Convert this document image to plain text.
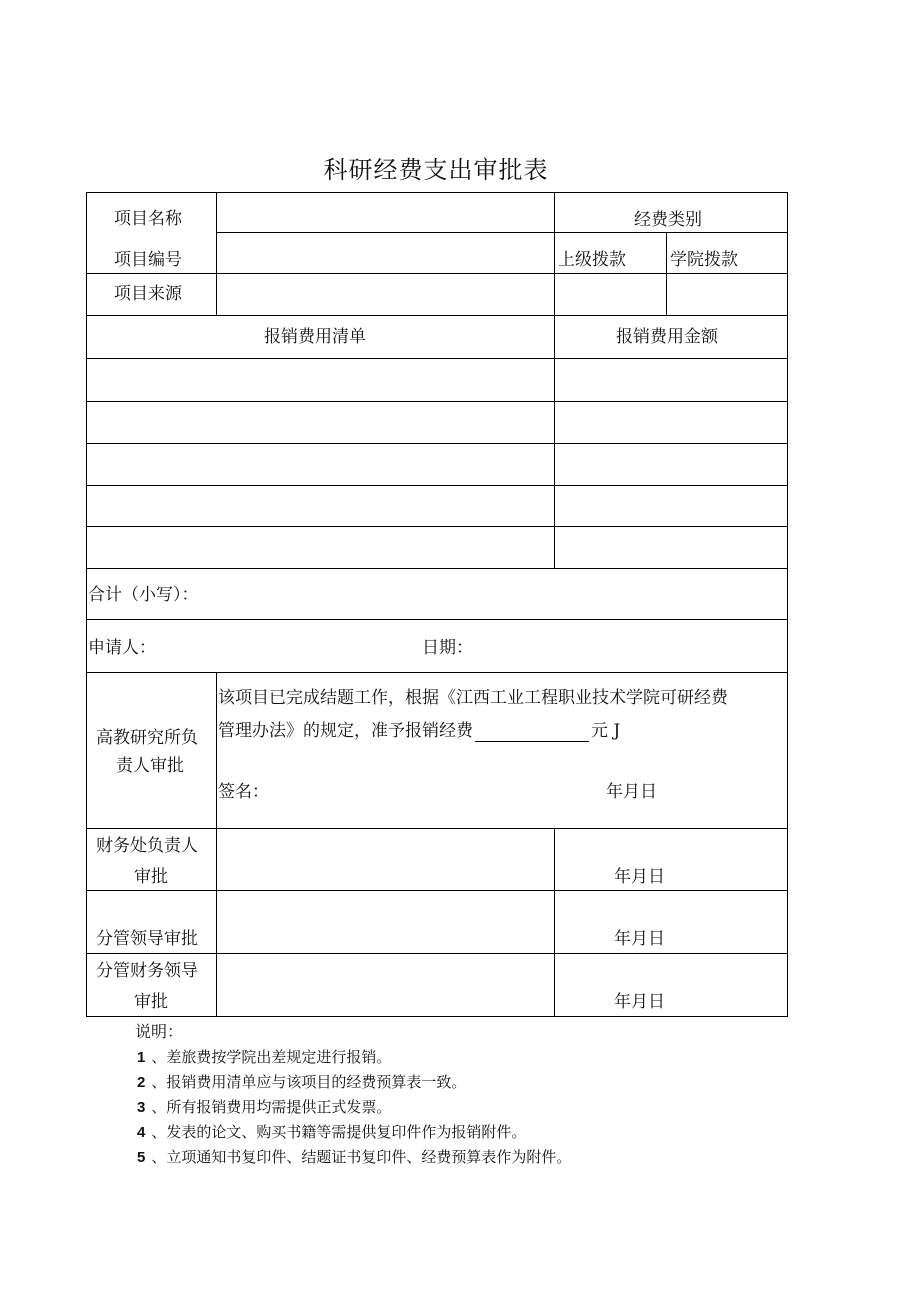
科研经费支出审批表
项目名称	经费类别
项目编号	上级拨款	学院拨款
项目来源
报销费用清单	报销费用金额
合计（小写）：
申请人：	日期：
高教研究所负
责人审批
该项目已完成结题工作，根据《江西工业工程职业技术学院可研经费
管理办法》的规定，准予报销经费	元 J
签名：	年月日
财务处负责人
审批	年月日
分管领导审批	年月日
分管财务领导
审批	年月日
说明：
1 、差旅费按学院出差规定进行报销。
2 、报销费用清单应与该项目的经费预算表一致。
3 、所有报销费用均需提供正式发票。
4 、发表的论文、购买书籍等需提供复印件作为报销附件。
5 、立项通知书复印件、结题证书复印件、经费预算表作为附件。
